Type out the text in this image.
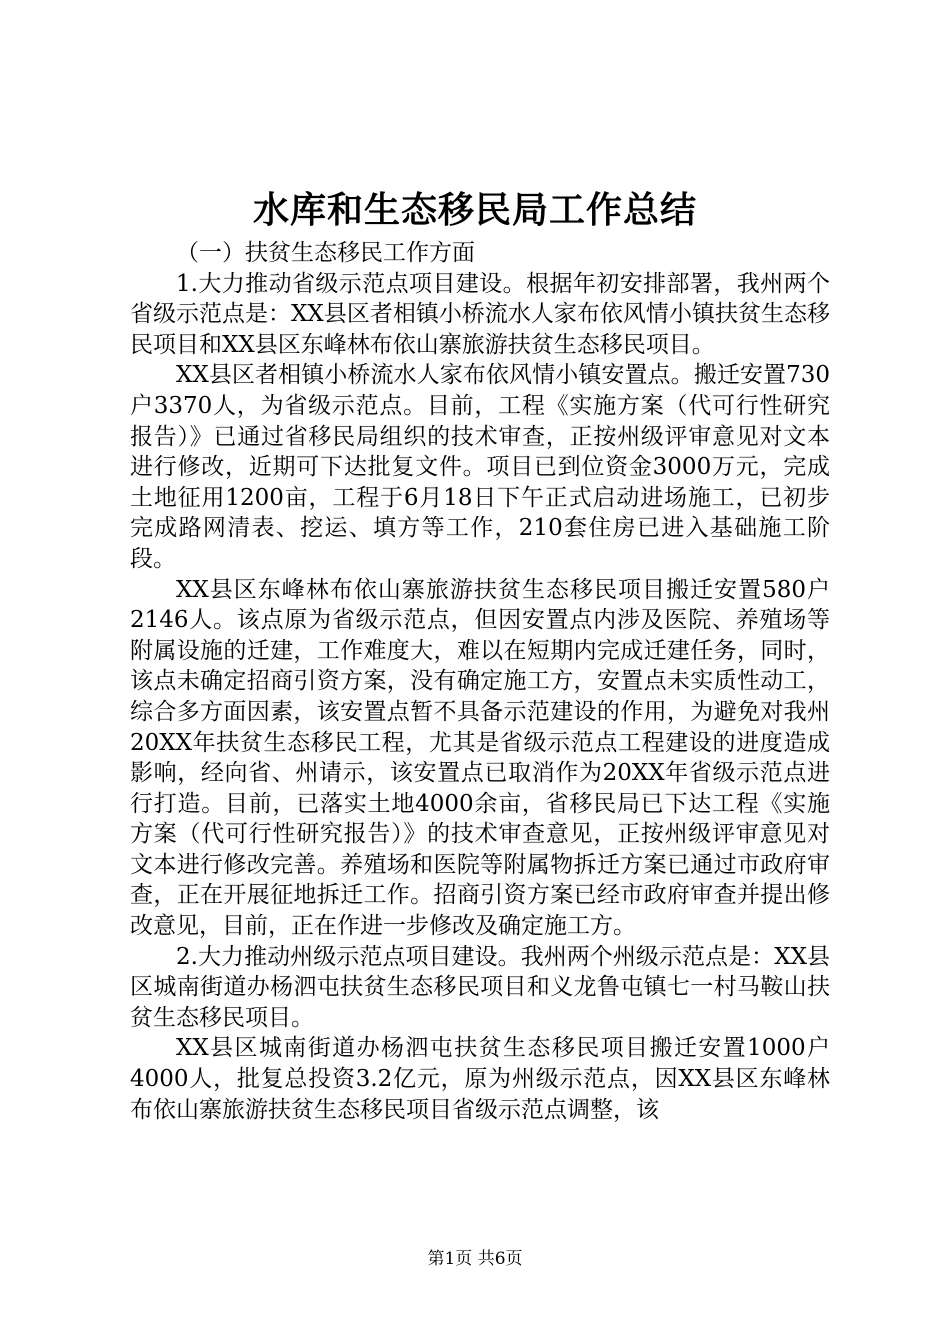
水库和生态移民局工作总结

（一）扶贫生态移民工作方面

1.大力推动省级示范点项目建设。根据年初安排部署，我州两个省级示范点是：XX县区者相镇小桥流水人家布依风情小镇扶贫生态移民项目和XX县区东峰林布依山寨旅游扶贫生态移民项目。

XX县区者相镇小桥流水人家布依风情小镇安置点。搬迁安置730户3370人，为省级示范点。目前，工程《实施方案（代可行性研究报告）》已通过省移民局组织的技术审查，正按州级评审意见对文本进行修改，近期可下达批复文件。项目已到位资金3000万元，完成土地征用1200亩，工程于6月18日下午正式启动进场施工，已初步完成路网清表、挖运、填方等工作，210套住房已进入基础施工阶段。

XX县区东峰林布依山寨旅游扶贫生态移民项目搬迁安置580户2146人。该点原为省级示范点，但因安置点内涉及医院、养殖场等附属设施的迁建，工作难度大，难以在短期内完成迁建任务，同时，该点未确定招商引资方案，没有确定施工方，安置点未实质性动工，综合多方面因素，该安置点暂不具备示范建设的作用，为避免对我州20XX年扶贫生态移民工程，尤其是省级示范点工程建设的进度造成影响，经向省、州请示，该安置点已取消作为20XX年省级示范点进行打造。目前，已落实土地4000余亩，省移民局已下达工程《实施方案（代可行性研究报告）》的技术审查意见，正按州级评审意见对文本进行修改完善。养殖场和医院等附属物拆迁方案已通过市政府审查，正在开展征地拆迁工作。招商引资方案已经市政府审查并提出修改意见，目前，正在作进一步修改及确定施工方。

2.大力推动州级示范点项目建设。我州两个州级示范点是：XX县区城南街道办杨泗屯扶贫生态移民项目和义龙鲁屯镇七一村马鞍山扶贫生态移民项目。

XX县区城南街道办杨泗屯扶贫生态移民项目搬迁安置1000户4000人，批复总投资3.2亿元，原为州级示范点，因XX县区东峰林布依山寨旅游扶贫生态移民项目省级示范点调整，该

第1页 共6页
